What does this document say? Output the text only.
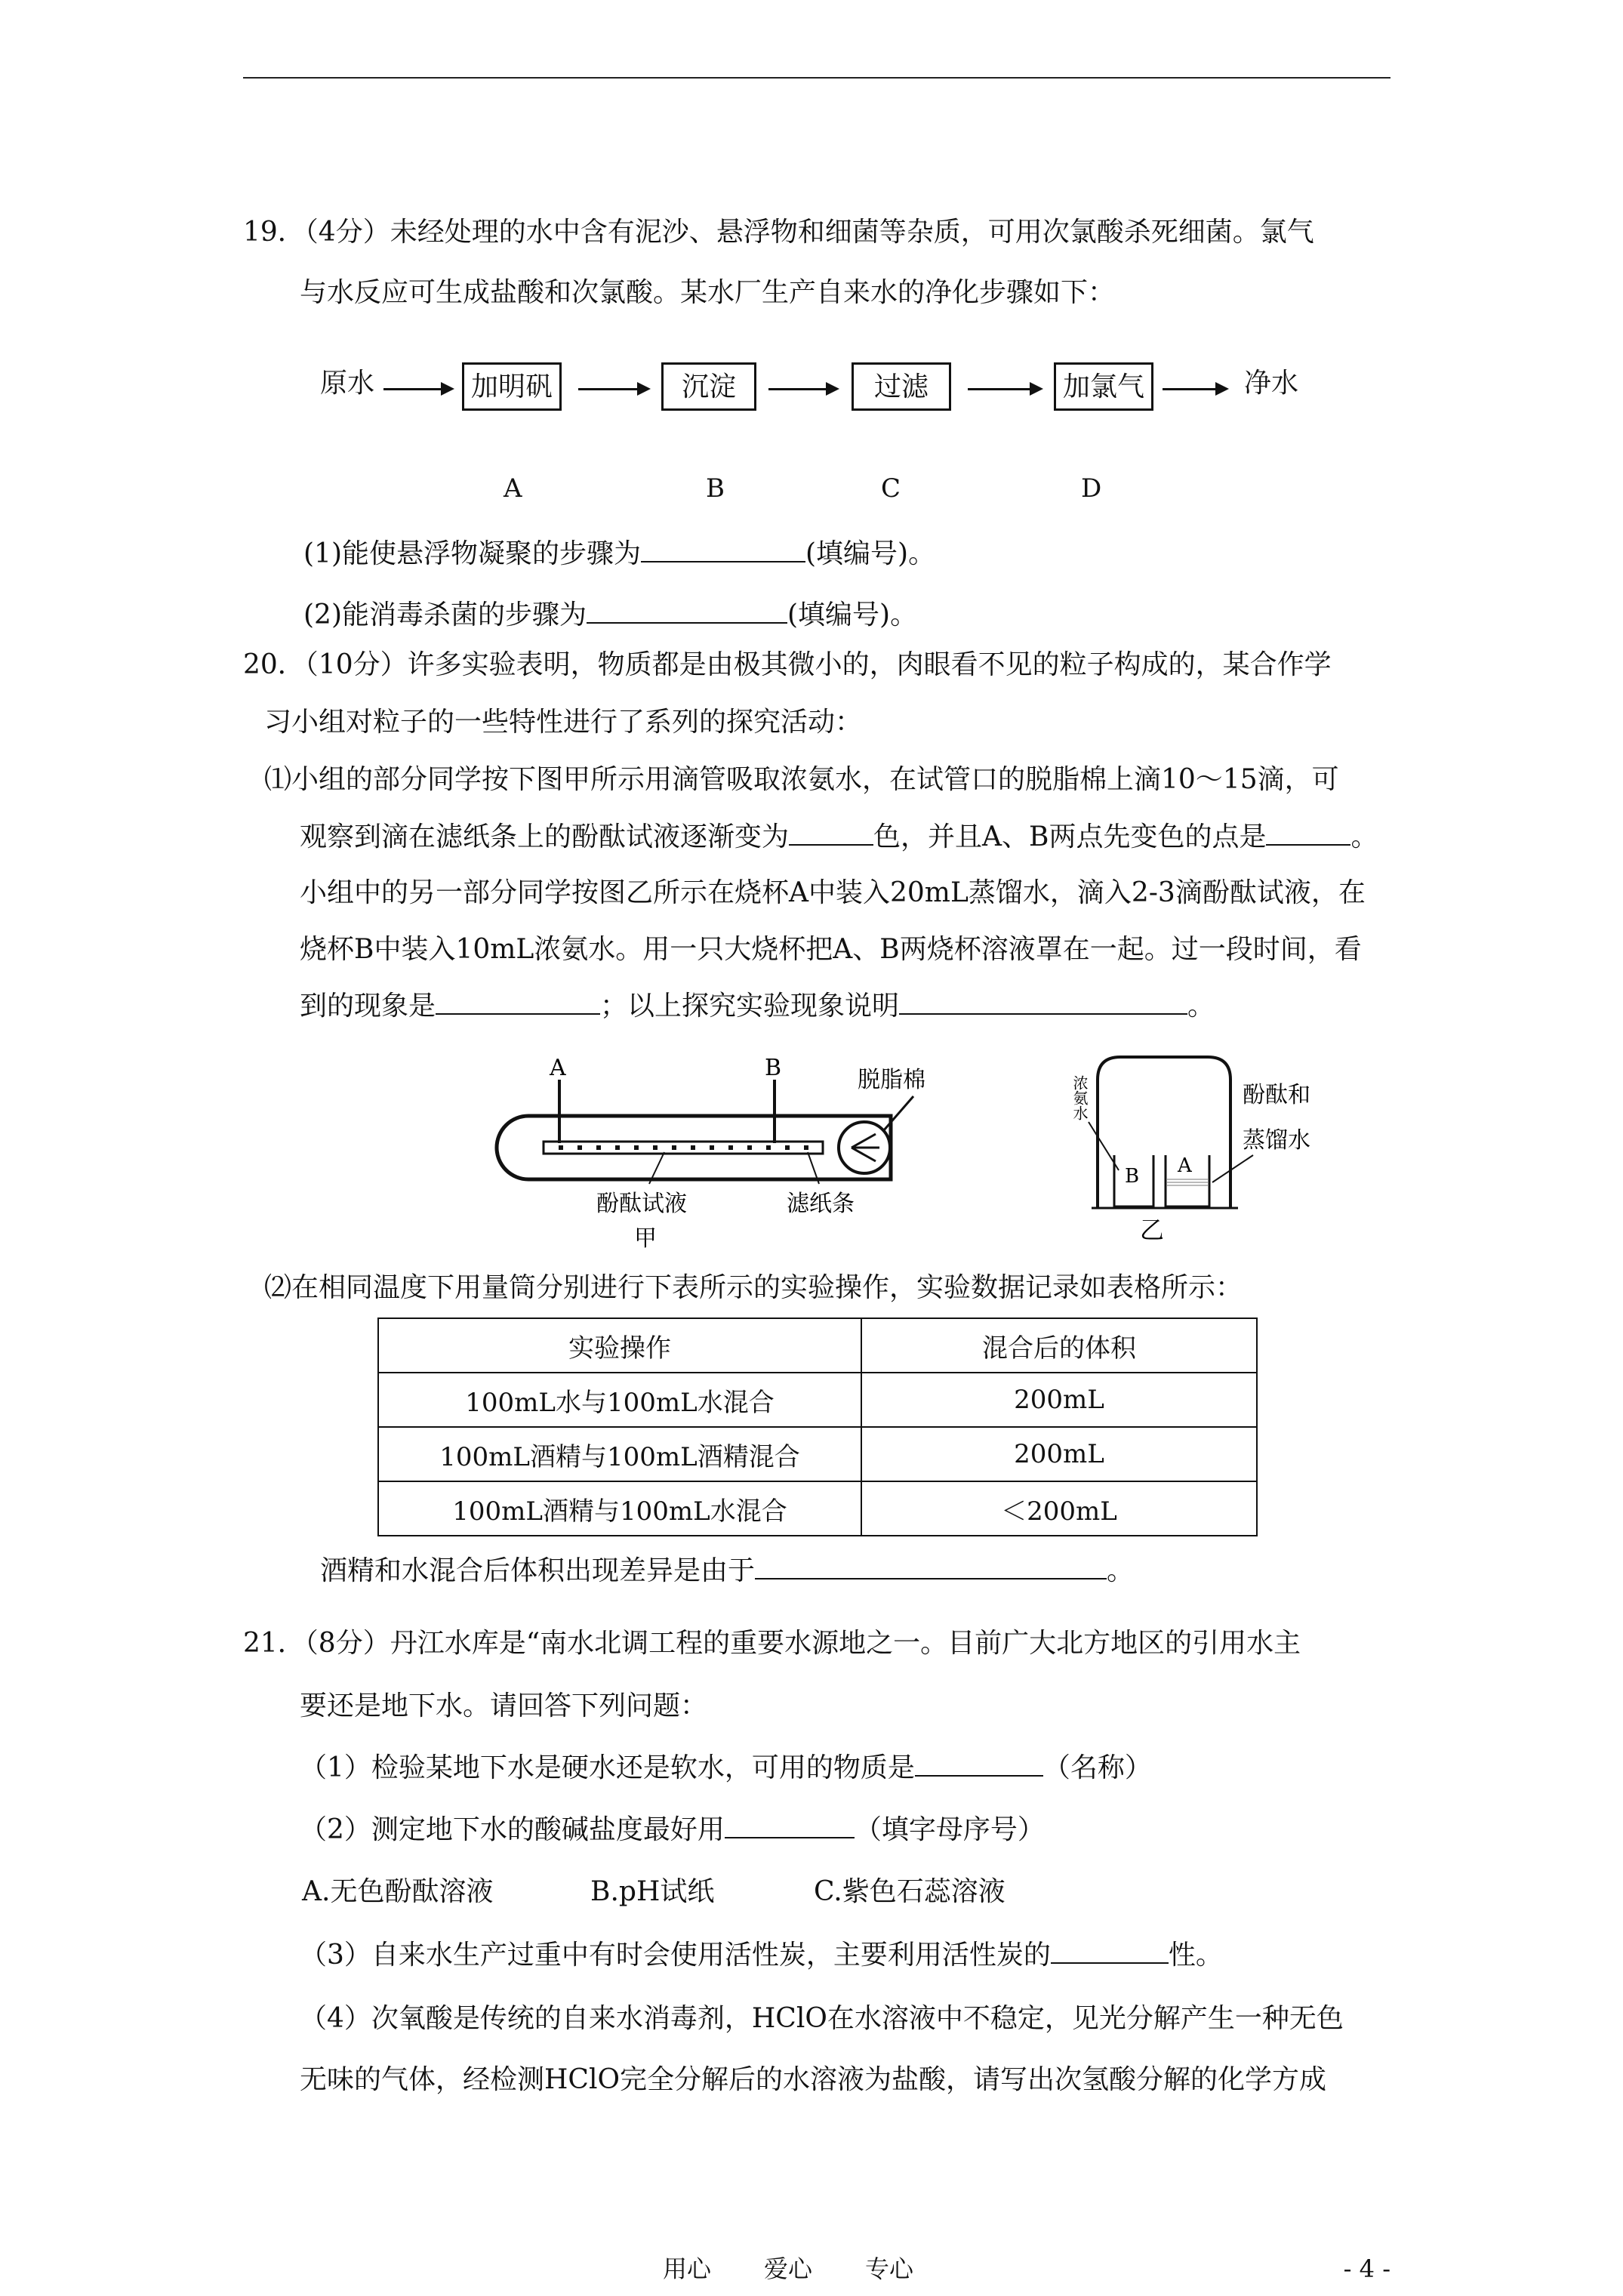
19．（4分）未经处理的水中含有泥沙、悬浮物和细菌等杂质，可用次氯酸杀死细菌。氯气
与水反应可生成盐酸和次氯酸。某水厂生产自来水的净化步骤如下：
原水	加明矾	沉淀	过滤	加氯气	净水
A	B	C	D
(1)能使悬浮物凝聚的步骤为	(填编号)。
(2)能消毒杀菌的步骤为	(填编号)。
20．（10分）许多实验表明，物质都是由极其微小的，肉眼看不见的粒子构成的，某合作学
习小组对粒子的一些特性进行了系列的探究活动：
⑴小组的部分同学按下图甲所示用滴管吸取浓氨水，在试管口的脱脂棉上滴10～15滴，可
观察到滴在滤纸条上的酚酞试液逐渐变为	色，并且A、B两点先变色的点是	。
小组中的另一部分同学按图乙所示在烧杯A中装入20mL蒸馏水，滴入2-3滴酚酞试液，在
烧杯B中装入10mL浓氨水。用一只大烧杯把A、B两烧杯溶液罩在一起。过一段时间，看
到的现象是	；以上探究实验现象说明	。
A	B	脱脂棉
酚酞试液	滤纸条
甲
B A
浓氨水	酚酞和
蒸馏水
乙
⑵在相同温度下用量筒分别进行下表所示的实验操作，实验数据记录如表格所示：
实验操作	混合后的体积
100mL水与100mL水混合	200mL
100mL酒精与100mL酒精混合	200mL
100mL酒精与100mL水混合	＜200mL
酒精和水混合后体积出现差异是由于	。
21．（8分）丹江水库是“南水北调工程的重要水源地之一。目前广大北方地区的引用水主
要还是地下水。请回答下列问题：
（1）检验某地下水是硬水还是软水，可用的物质是	（名称）
（2）测定地下水的酸碱盐度最好用	（填字母序号）
A.无色酚酞溶液	B.pH试纸	C.紫色石蕊溶液
（3）自来水生产过重中有时会使用活性炭，主要利用活性炭的	性。
（4）次氧酸是传统的自来水消毒剂，HClO在水溶液中不稳定，见光分解产生一种无色
无味的气体，经检测HClO完全分解后的水溶液为盐酸，请写出次氢酸分解的化学方成
用心 爱心 专心	- 4 -
